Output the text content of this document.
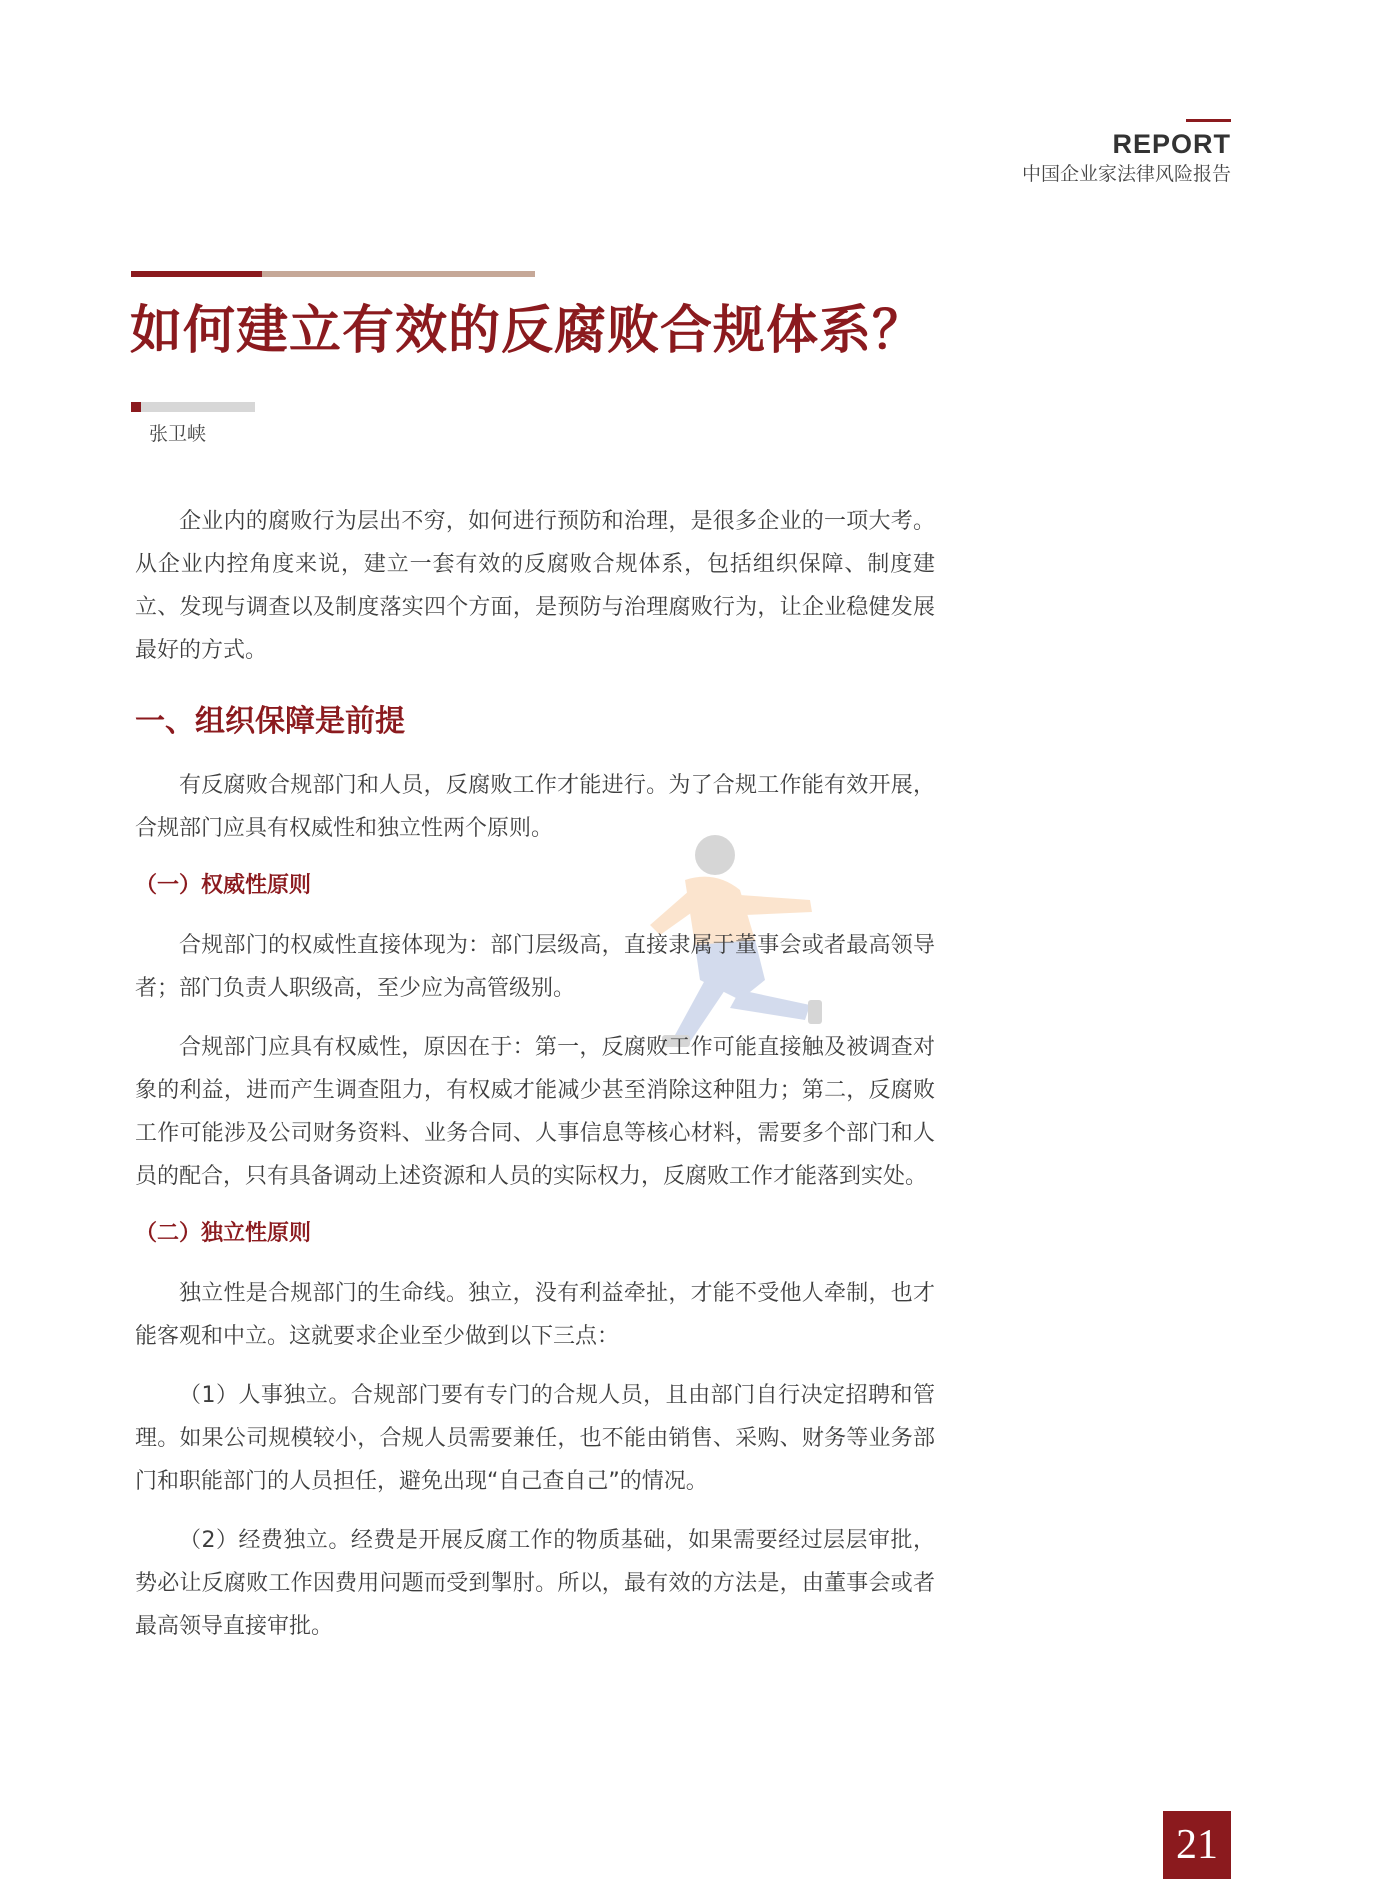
REPORT
中国企业家法律风险报告
如何建立有效的反腐败合规体系？
张卫峡

企业内的腐败行为层出不穷，如何进行预防和治理，是很多企业的一项大考。从企业内控角度来说，建立一套有效的反腐败合规体系，包括组织保障、制度建立、发现与调查以及制度落实四个方面，是预防与治理腐败行为，让企业稳健发展最好的方式。

一、组织保障是前提

有反腐败合规部门和人员，反腐败工作才能进行。为了合规工作能有效开展，合规部门应具有权威性和独立性两个原则。

（一）权威性原则

合规部门的权威性直接体现为：部门层级高，直接隶属于董事会或者最高领导者；部门负责人职级高，至少应为高管级别。

合规部门应具有权威性，原因在于：第一，反腐败工作可能直接触及被调查对象的利益，进而产生调查阻力，有权威才能减少甚至消除这种阻力；第二，反腐败工作可能涉及公司财务资料、业务合同、人事信息等核心材料，需要多个部门和人员的配合，只有具备调动上述资源和人员的实际权力，反腐败工作才能落到实处。

（二）独立性原则

独立性是合规部门的生命线。独立，没有利益牵扯，才能不受他人牵制，也才能客观和中立。这就要求企业至少做到以下三点：

（1）人事独立。合规部门要有专门的合规人员，且由部门自行决定招聘和管理。如果公司规模较小，合规人员需要兼任，也不能由销售、采购、财务等业务部门和职能部门的人员担任，避免出现“自己查自己”的情况。

（2）经费独立。经费是开展反腐工作的物质基础，如果需要经过层层审批，势必让反腐败工作因费用问题而受到掣肘。所以，最有效的方法是，由董事会或者最高领导直接审批。

21
